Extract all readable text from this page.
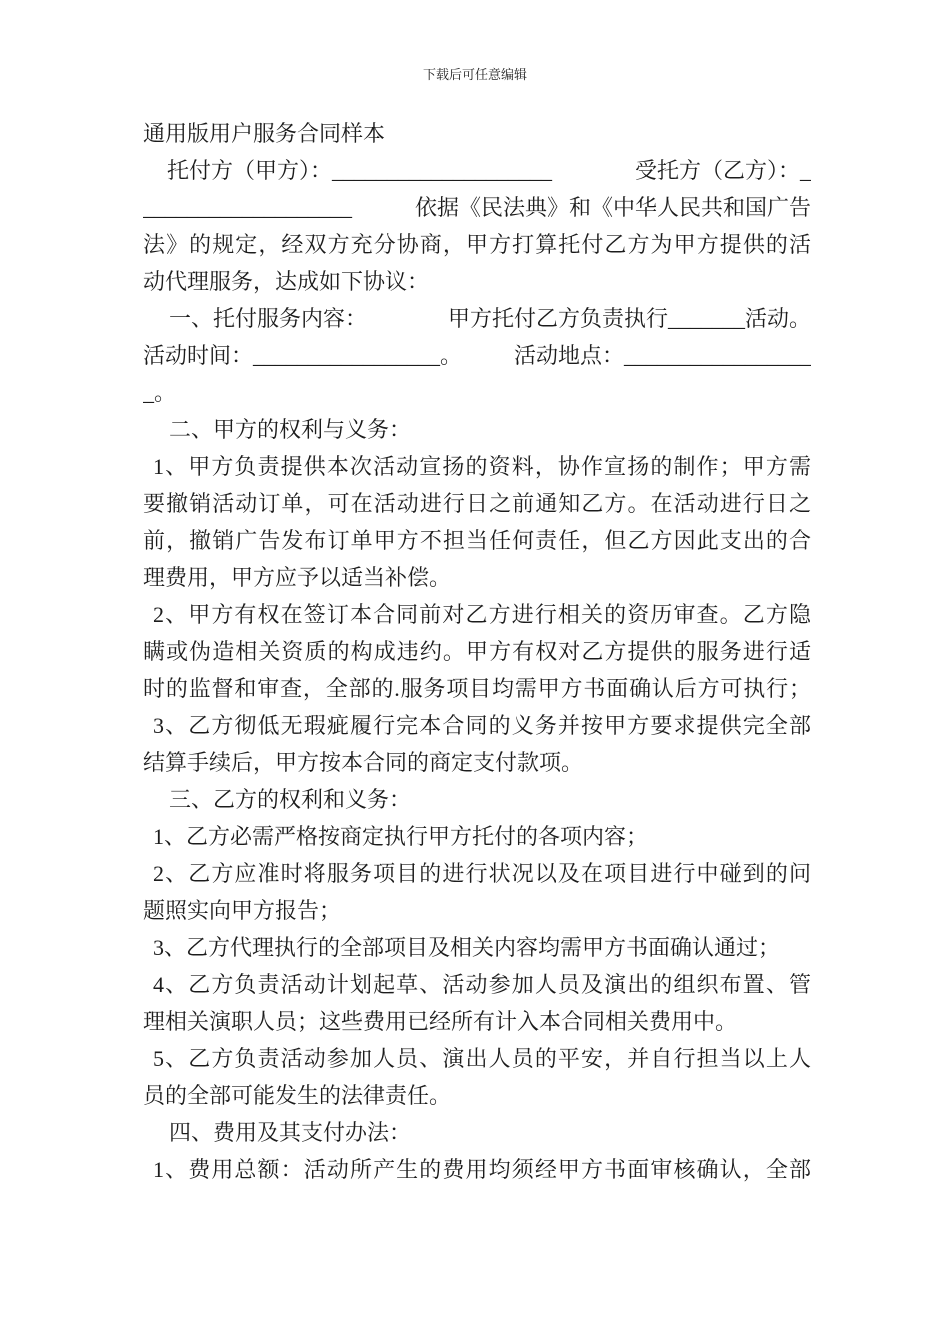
下载后可任意编辑
通用版用户服务合同样本
托付方（甲方）：____________________	受托方（乙方）：_
___________________	依据《民法典》和《中华人民共和国广告
法》的规定，经双方充分协商，甲方打算托付乙方为甲方提供的活
动代理服务，达成如下协议：
一、托付服务内容：	甲方托付乙方负责执行_______活动。
活动时间：_________________。 活动地点：_________________
_。
二、甲方的权利与义务：
1、甲方负责提供本次活动宣扬的资料，协作宣扬的制作；甲方需
要撤销活动订单，可在活动进行日之前通知乙方。在活动进行日之
前，撤销广告发布订单甲方不担当任何责任，但乙方因此支出的合
理费用，甲方应予以适当补偿。
2、甲方有权在签订本合同前对乙方进行相关的资历审查。乙方隐
瞒或伪造相关资质的构成违约。甲方有权对乙方提供的服务进行适
时的监督和审查，全部的.服务项目均需甲方书面确认后方可执行；
3、乙方彻低无瑕疵履行完本合同的义务并按甲方要求提供完全部
结算手续后，甲方按本合同的商定支付款项。
三、乙方的权利和义务：
1、乙方必需严格按商定执行甲方托付的各项内容；
2、乙方应准时将服务项目的进行状况以及在项目进行中碰到的问
题照实向甲方报告；
3、乙方代理执行的全部项目及相关内容均需甲方书面确认通过；
4、乙方负责活动计划起草、活动参加人员及演出的组织布置、管
理相关演职人员；这些费用已经所有计入本合同相关费用中。
5、乙方负责活动参加人员、演出人员的平安，并自行担当以上人
员的全部可能发生的法律责任。
四、费用及其支付办法：
1、费用总额：活动所产生的费用均须经甲方书面审核确认，全部
